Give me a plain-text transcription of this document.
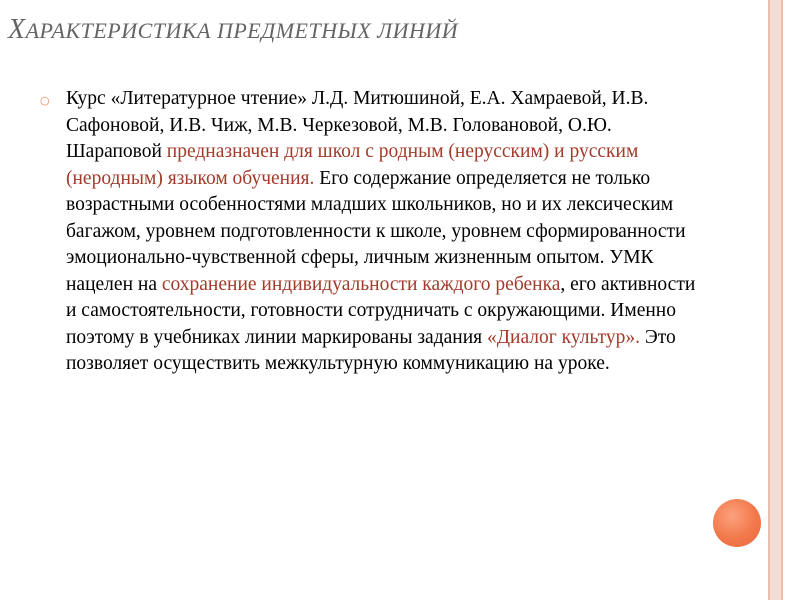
ХАРАКТЕРИСТИКА ПРЕДМЕТНЫХ ЛИНИЙ
○ Курс «Литературное чтение» Л.Д. Митюшиной, Е.А. Хамраевой, И.В. Сафоновой, И.В. Чиж, М.В. Черкезовой, М.В. Головановой, О.Ю. Шараповой предназначен для школ с родным (нерусским) и русским (неродным) языком обучения. Его содержание определяется не только возрастными особенностями младших школьников, но и их лексическим багажом, уровнем подготовленности к школе, уровнем сформированности эмоционально-чувственной сферы, личным жизненным опытом. УМК нацелен на сохранение индивидуальности каждого ребенка, его активности и самостоятельности, готовности сотрудничать с окружающими. Именно поэтому в учебниках линии маркированы задания «Диалог культур». Это позволяет осуществить межкультурную коммуникацию на уроке.
